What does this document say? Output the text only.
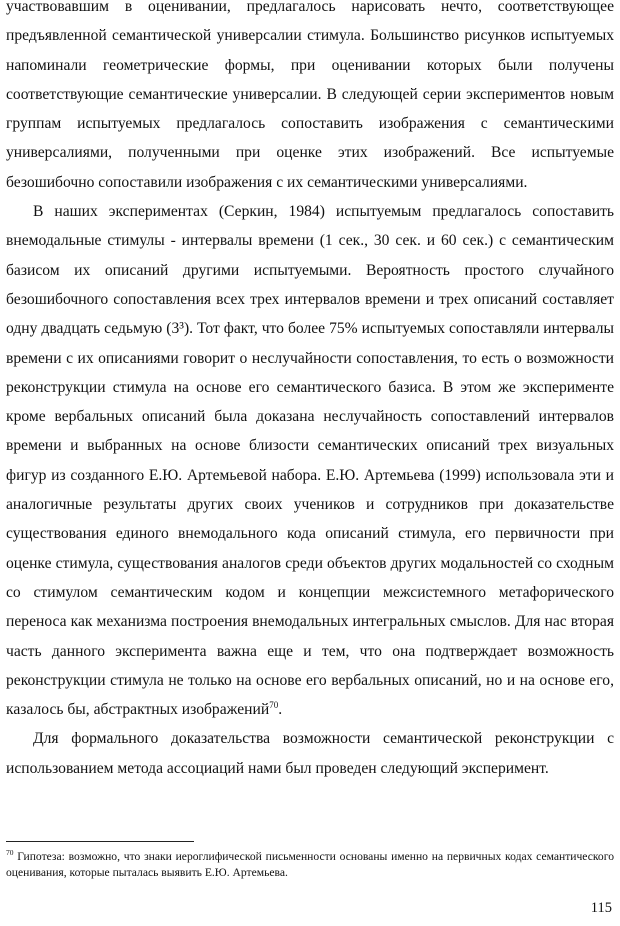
участвовавшим в оценивании, предлагалось нарисовать нечто, соответствующее предъявленной семантической универсалии стимула. Большинство рисунков испытуемых напоминали геометрические формы, при оценивании которых были получены соответствующие семантические универсалии. В следующей серии экспериментов новым группам испытуемых предлагалось сопоставить изображения с семантическими универсалиями, полученными при оценке этих изображений. Все испытуемые безошибочно сопоставили изображения с их семантическими универсалиями.

В наших экспериментах (Серкин, 1984) испытуемым предлагалось сопоставить внемодальные стимулы - интервалы времени (1 сек., 30 сек. и 60 сек.) с семантическим базисом их описаний другими испытуемыми. Вероятность простого случайного безошибочного сопоставления всех трех интервалов времени и трех описаний составляет одну двадцать седьмую (3³). Тот факт, что более 75% испытуемых сопоставляли интервалы времени с их описаниями говорит о неслучайности сопоставления, то есть о возможности реконструкции стимула на основе его семантического базиса. В этом же эксперименте кроме вербальных описаний была доказана неслучайность сопоставлений интервалов времени и выбранных на основе близости семантических описаний трех визуальных фигур из созданного Е.Ю. Артемьевой набора. Е.Ю. Артемьева (1999) использовала эти и аналогичные результаты других своих учеников и сотрудников при доказательстве существования единого внемодального кода описаний стимула, его первичности при оценке стимула, существования аналогов среди объектов других модальностей со сходным со стимулом семантическим кодом и концепции межсистемного метафорического переноса как механизма построения внемодальных интегральных смыслов. Для нас вторая часть данного эксперимента важна еще и тем, что она подтверждает возможность реконструкции стимула не только на основе его вербальных описаний, но и на основе его, казалось бы, абстрактных изображений$^{70}$.

Для формального доказательства возможности семантической реконструкции с использованием метода ассоциаций нами был проведен следующий эксперимент.

$^{70}$ Гипотеза: возможно, что знаки иероглифической письменности основаны именно на первичных кодах семантического оценивания, которые пыталась выявить Е.Ю. Артемьева.
115
